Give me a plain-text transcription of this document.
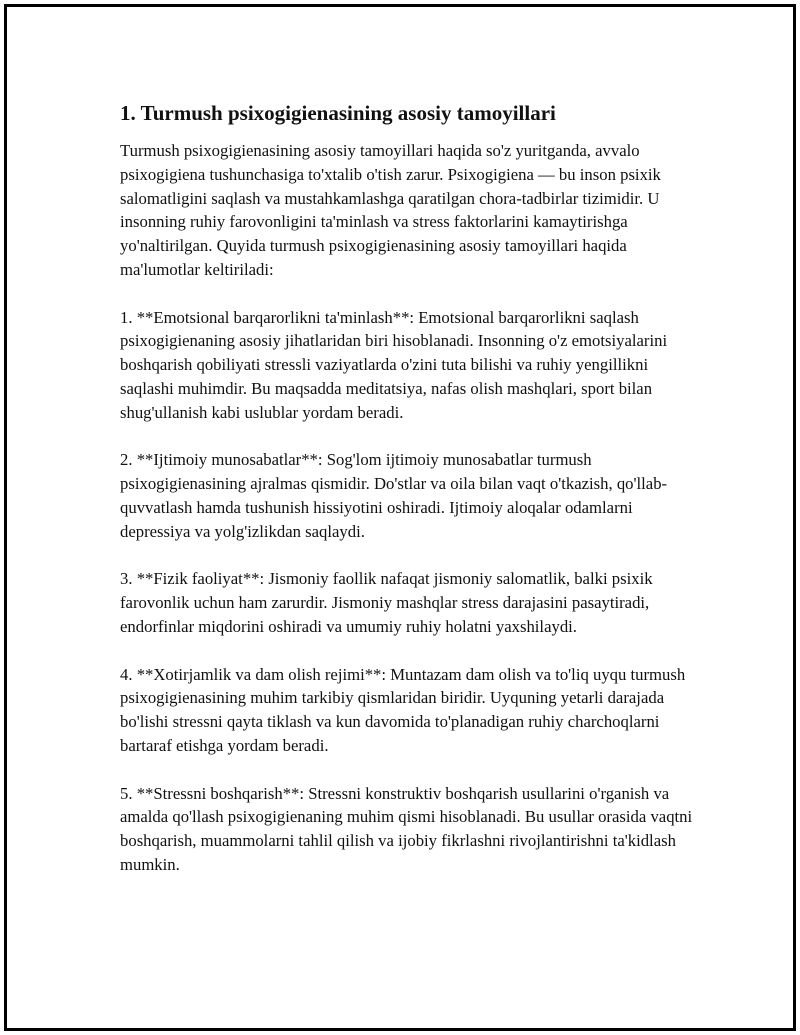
1. Turmush psixogigienasining asosiy tamoyillari

Turmush psixogigienasining asosiy tamoyillari haqida so'z yuritganda, avvalo psixogigiena tushunchasiga to'xtalib o'tish zarur. Psixogigiena — bu inson psixik salomatligini saqlash va mustahkamlashga qaratilgan chora-tadbirlar tizimidir. U insonning ruhiy farovonligini ta'minlash va stress faktorlarini kamaytirishga yo'naltirilgan. Quyida turmush psixogigienasining asosiy tamoyillari haqida ma'lumotlar keltiriladi:

1. **Emotsional barqarorlikni ta'minlash**: Emotsional barqarorlikni saqlash psixogigienaning asosiy jihatlaridan biri hisoblanadi. Insonning o'z emotsiyalarini boshqarish qobiliyati stressli vaziyatlarda o'zini tuta bilishi va ruhiy yengillikni saqlashi muhimdir. Bu maqsadda meditatsiya, nafas olish mashqlari, sport bilan shug'ullanish kabi uslublar yordam beradi.

2. **Ijtimoiy munosabatlar**: Sog'lom ijtimoiy munosabatlar turmush psixogigienasining ajralmas qismidir. Do'stlar va oila bilan vaqt o'tkazish, qo'llab-quvvatlash hamda tushunish hissiyotini oshiradi. Ijtimoiy aloqalar odamlarni depressiya va yolg'izlikdan saqlaydi.

3. **Fizik faoliyat**: Jismoniy faollik nafaqat jismoniy salomatlik, balki psixik farovonlik uchun ham zarurdir. Jismoniy mashqlar stress darajasini pasaytiradi, endorfinlar miqdorini oshiradi va umumiy ruhiy holatni yaxshilaydi.

4. **Xotirjamlik va dam olish rejimi**: Muntazam dam olish va to'liq uyqu turmush psixogigienasining muhim tarkibiy qismlaridan biridir. Uyquning yetarli darajada bo'lishi stressni qayta tiklash va kun davomida to'planadigan ruhiy charchoqlarni bartaraf etishga yordam beradi.

5. **Stressni boshqarish**: Stressni konstruktiv boshqarish usullarini o'rganish va amalda qo'llash psixogigienaning muhim qismi hisoblanadi. Bu usullar orasida vaqtni boshqarish, muammolarni tahlil qilish va ijobiy fikrlashni rivojlantirishni ta'kidlash mumkin.
